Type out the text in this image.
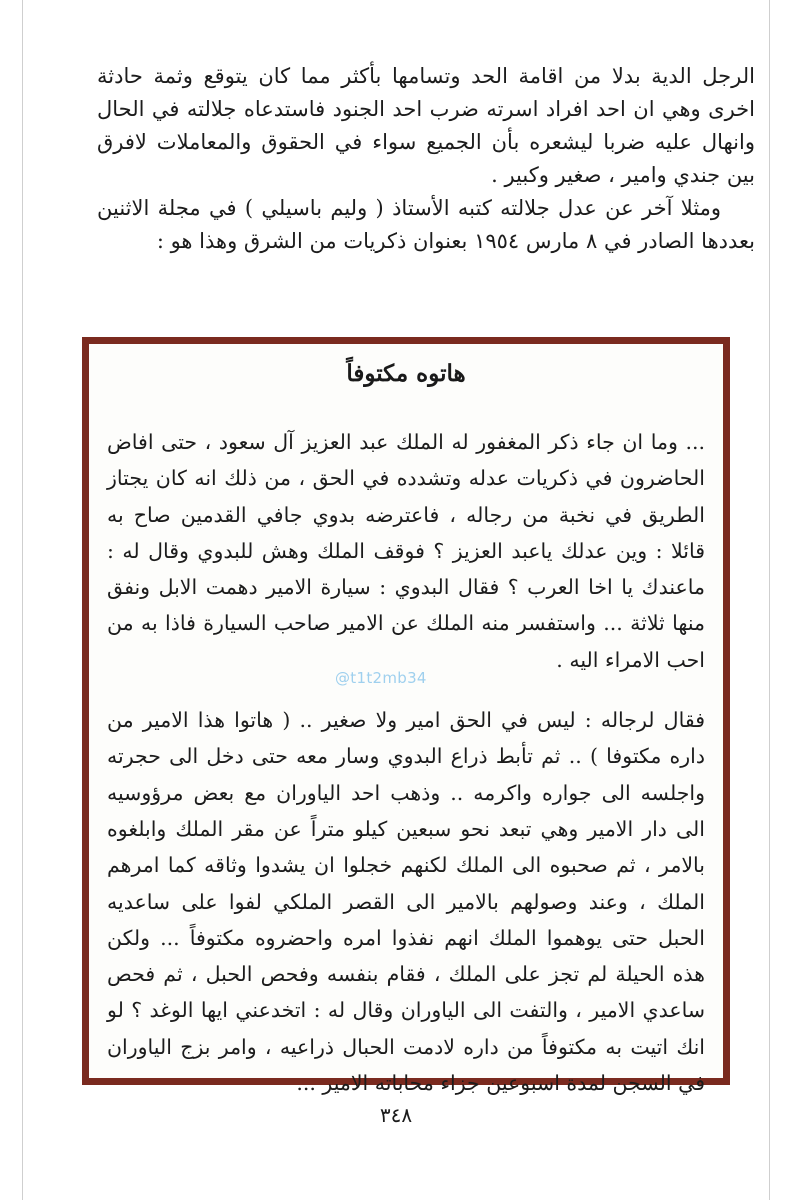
الرجل الدية بدلا من اقامة الحد وتسامها بأكثر مما كان يتوقع وثمة حادثة اخرى وهي ان احد افراد اسرته ضرب احد الجنود فاستدعاه جلالته في الحال وانهال عليه ضربا ليشعره بأن الجميع سواء في الحقوق والمعاملات لافرق بين جندي وامير ، صغير وكبير .

ومثلا آخر عن عدل جلالته كتبه الأستاذ ( وليم باسيلي ) في مجلة الاثنين بعددها الصادر في ٨ مارس ١٩٥٤ بعنوان ذكريات من الشرق وهذا هو :

هاتوه مكتوفاً

... وما ان جاء ذكر المغفور له الملك عبد العزيز آل سعود ، حتى افاض الحاضرون في ذكريات عدله وتشدده في الحق ، من ذلك انه كان يجتاز الطريق في نخبة من رجاله ، فاعترضه بدوي جافي القدمين صاح به قائلا : وين عدلك ياعبد العزيز ؟ فوقف الملك وهش للبدوي وقال له : ماعندك يا اخا العرب ؟ فقال البدوي : سيارة الامير دهمت الابل ونفق منها ثلاثة ... واستفسر منه الملك عن الامير صاحب السيارة فاذا به من احب الامراء اليه .

فقال لرجاله : ليس في الحق امير ولا صغير .. ( هاتوا هذا الامير من داره مكتوفا ) .. ثم تأبط ذراع البدوي وسار معه حتى دخل الى حجرته واجلسه الى جواره واكرمه .. وذهب احد الياوران مع بعض مرؤوسيه الى دار الامير وهي تبعد نحو سبعين كيلو متراً عن مقر الملك وابلغوه بالامر ، ثم صحبوه الى الملك لكنهم خجلوا ان يشدوا وثاقه كما امرهم الملك ، وعند وصولهم بالامير الى القصر الملكي لفوا على ساعديه الحبل حتى يوهموا الملك انهم نفذوا امره واحضروه مكتوفاً ... ولكن هذه الحيلة لم تجز على الملك ، فقام بنفسه وفحص الحبل ، ثم فحص ساعدي الامير ، والتفت الى الياوران وقال له : اتخدعني ايها الوغد ؟ لو انك اتيت به مكتوفاً من داره لادمت الحبال ذراعيه ، وامر بزج الياوران في السجن لمدة اسبوعين جزاء محاباته الامير ...

@t1t2mb34
٣٤٨
